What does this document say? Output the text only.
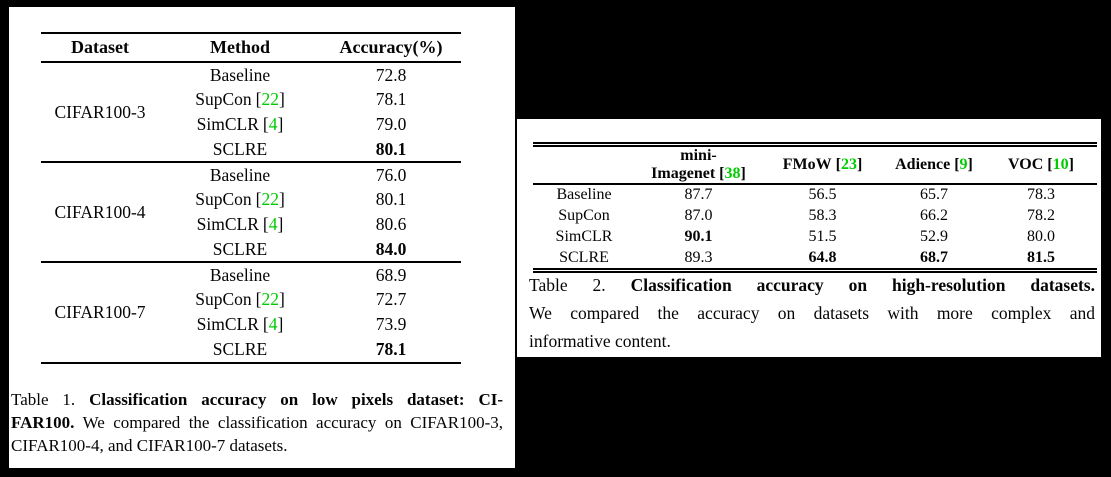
Dataset	Method	Accuracy(%)
CIFAR100-3	Baseline	72.8
	SupCon [22]	78.1
	SimCLR [4]	79.0
	SCLRE	80.1
CIFAR100-4	Baseline	76.0
	SupCon [22]	80.1
	SimCLR [4]	80.6
	SCLRE	84.0
CIFAR100-7	Baseline	68.9
	SupCon [22]	72.7
	SimCLR [4]	73.9
	SCLRE	78.1
Table 1. Classification accuracy on low pixels dataset: CI-
FAR100. We compared the classification accuracy on CIFAR100-3,
CIFAR100-4, and CIFAR100-7 datasets.
	mini-Imagenet [38]	FMoW [23]	Adience [9]	VOC [10]
Baseline	87.7	56.5	65.7	78.3
SupCon	87.0	58.3	66.2	78.2
SimCLR	90.1	51.5	52.9	80.0
SCLRE	89.3	64.8	68.7	81.5
Table 2. Classification accuracy on high-resolution datasets.
We compared the accuracy on datasets with more complex and
informative content.
